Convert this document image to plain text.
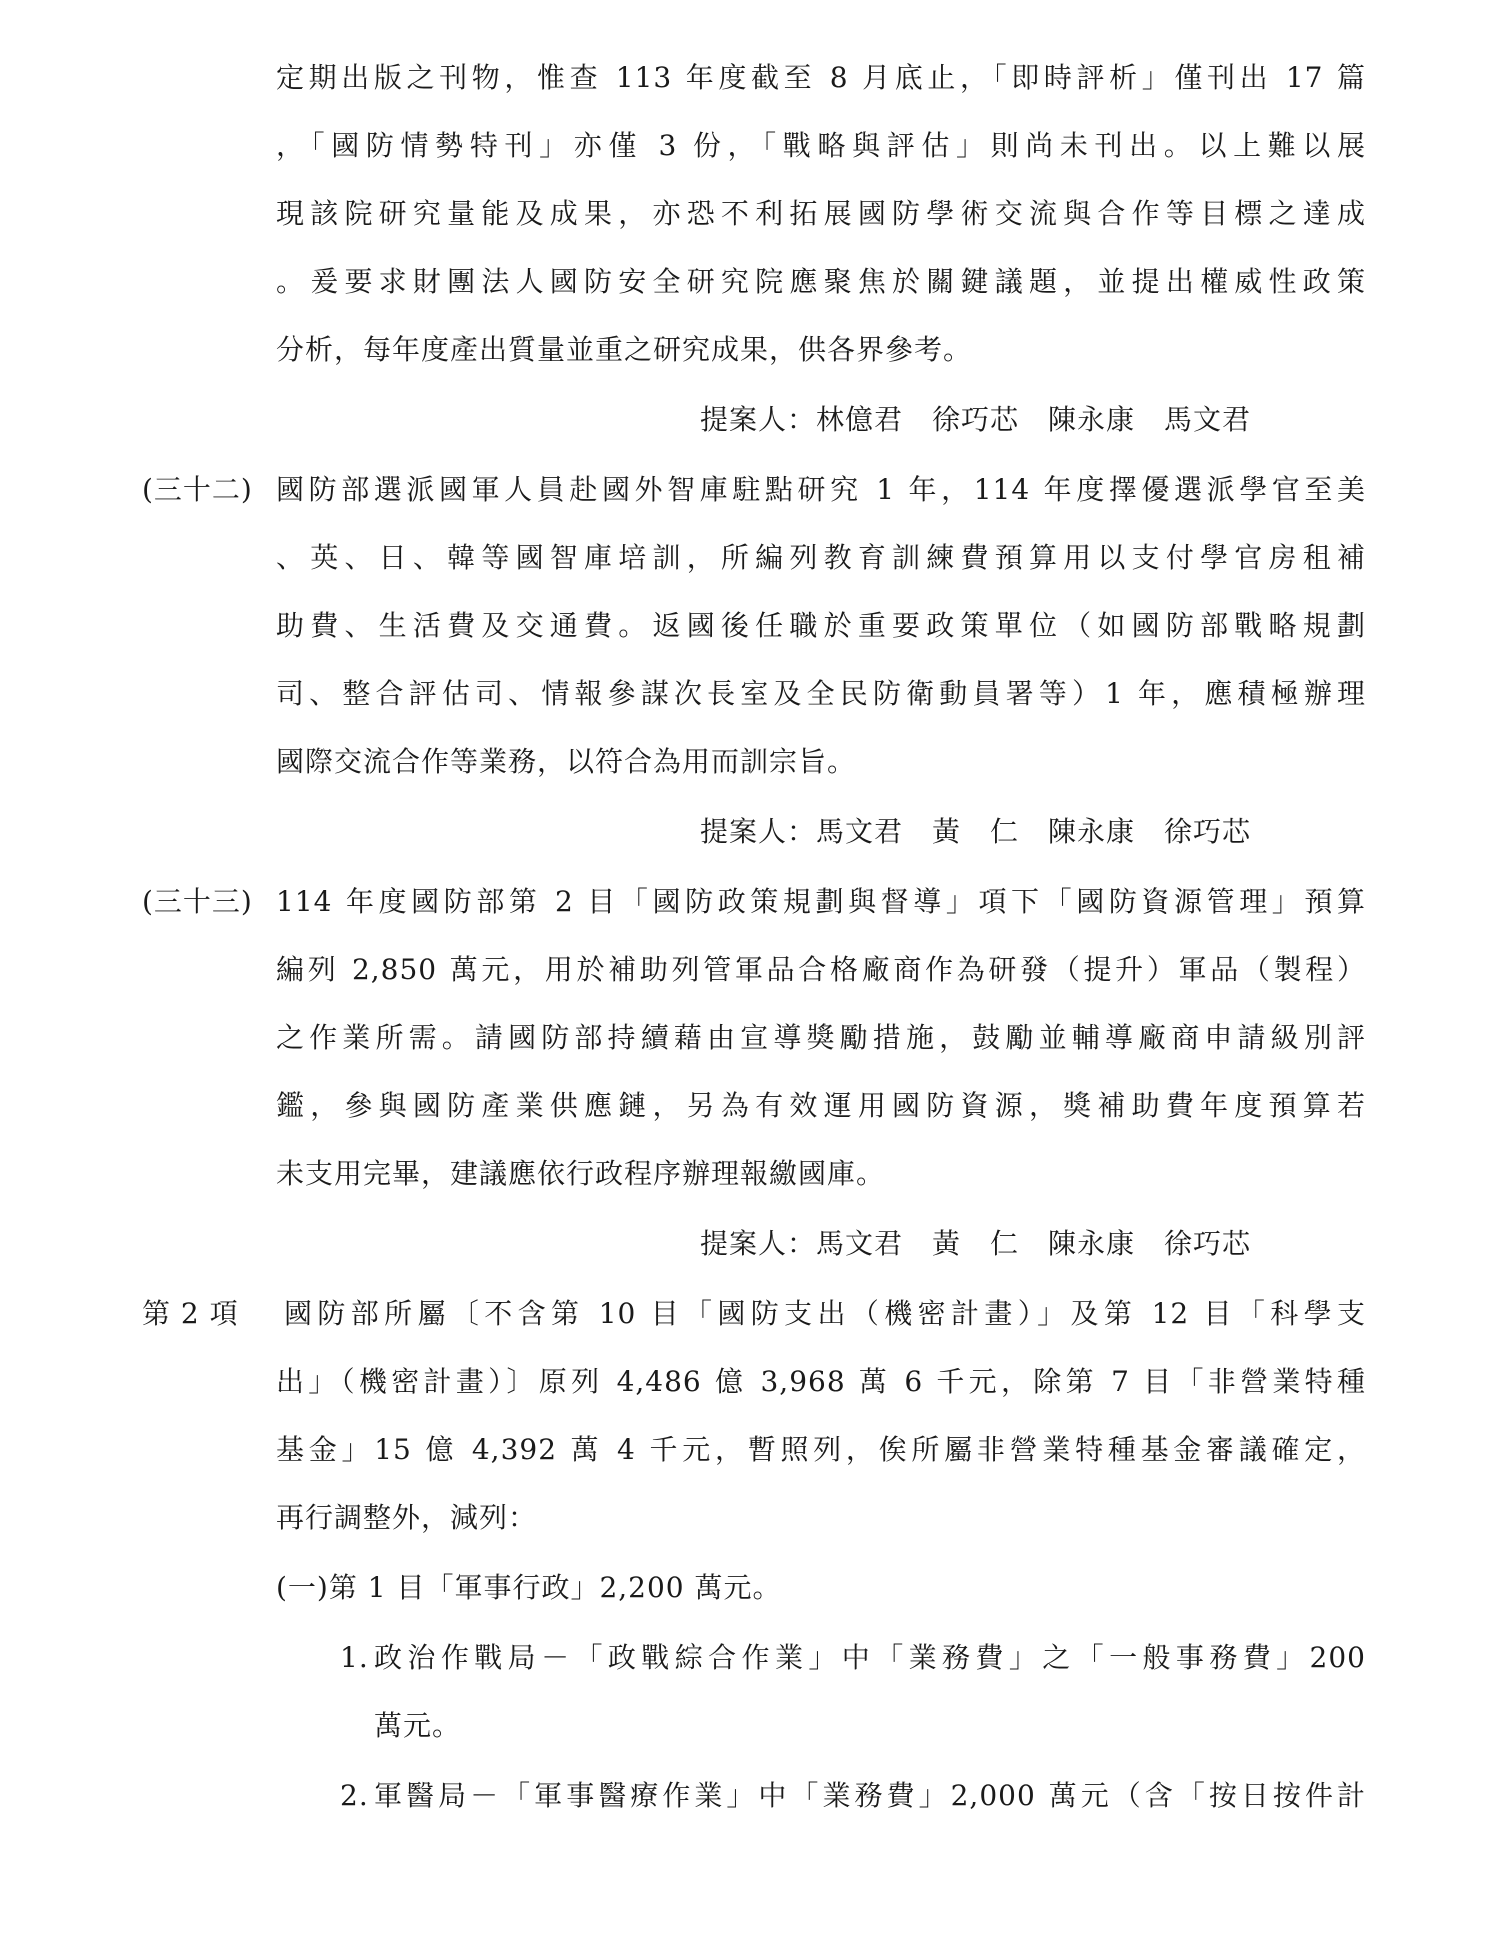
定期出版之刊物，惟查 113 年度截至 8 月底止，「即時評析」僅刊出 17 篇
，「國防情勢特刊」亦僅 3 份，「戰略與評估」則尚未刊出。以上難以展
現該院研究量能及成果，亦恐不利拓展國防學術交流與合作等目標之達成
。爰要求財團法人國防安全研究院應聚焦於關鍵議題，並提出權威性政策
分析，每年度產出質量並重之研究成果，供各界參考。
提案人：林億君　徐巧芯　陳永康　馬文君
(三十二) 國防部選派國軍人員赴國外智庫駐點研究 1 年，114 年度擇優選派學官至美
、英、日、韓等國智庫培訓，所編列教育訓練費預算用以支付學官房租補
助費、生活費及交通費。返國後任職於重要政策單位（如國防部戰略規劃
司、整合評估司、情報參謀次長室及全民防衛動員署等）1 年，應積極辦理
國際交流合作等業務，以符合為用而訓宗旨。
提案人：馬文君　黃　仁　陳永康　徐巧芯
(三十三) 114 年度國防部第 2 目「國防政策規劃與督導」項下「國防資源管理」預算
編列 2,850 萬元，用於補助列管軍品合格廠商作為研發（提升）軍品（製程）
之作業所需。請國防部持續藉由宣導獎勵措施，鼓勵並輔導廠商申請級別評
鑑，參與國防產業供應鏈，另為有效運用國防資源，獎補助費年度預算若
未支用完畢，建議應依行政程序辦理報繳國庫。
提案人：馬文君　黃　仁　陳永康　徐巧芯
第 2 項 國防部所屬〔不含第 10 目「國防支出（機密計畫）」及第 12 目「科學支
出」（機密計畫）〕原列 4,486 億 3,968 萬 6 千元，除第 7 目「非營業特種
基金」15 億 4,392 萬 4 千元，暫照列，俟所屬非營業特種基金審議確定，
再行調整外，減列：
(一)第 1 目「軍事行政」2,200 萬元。
1. 政治作戰局－「政戰綜合作業」中「業務費」之「一般事務費」200
萬元。
2. 軍醫局－「軍事醫療作業」中「業務費」2,000 萬元（含「按日按件計
